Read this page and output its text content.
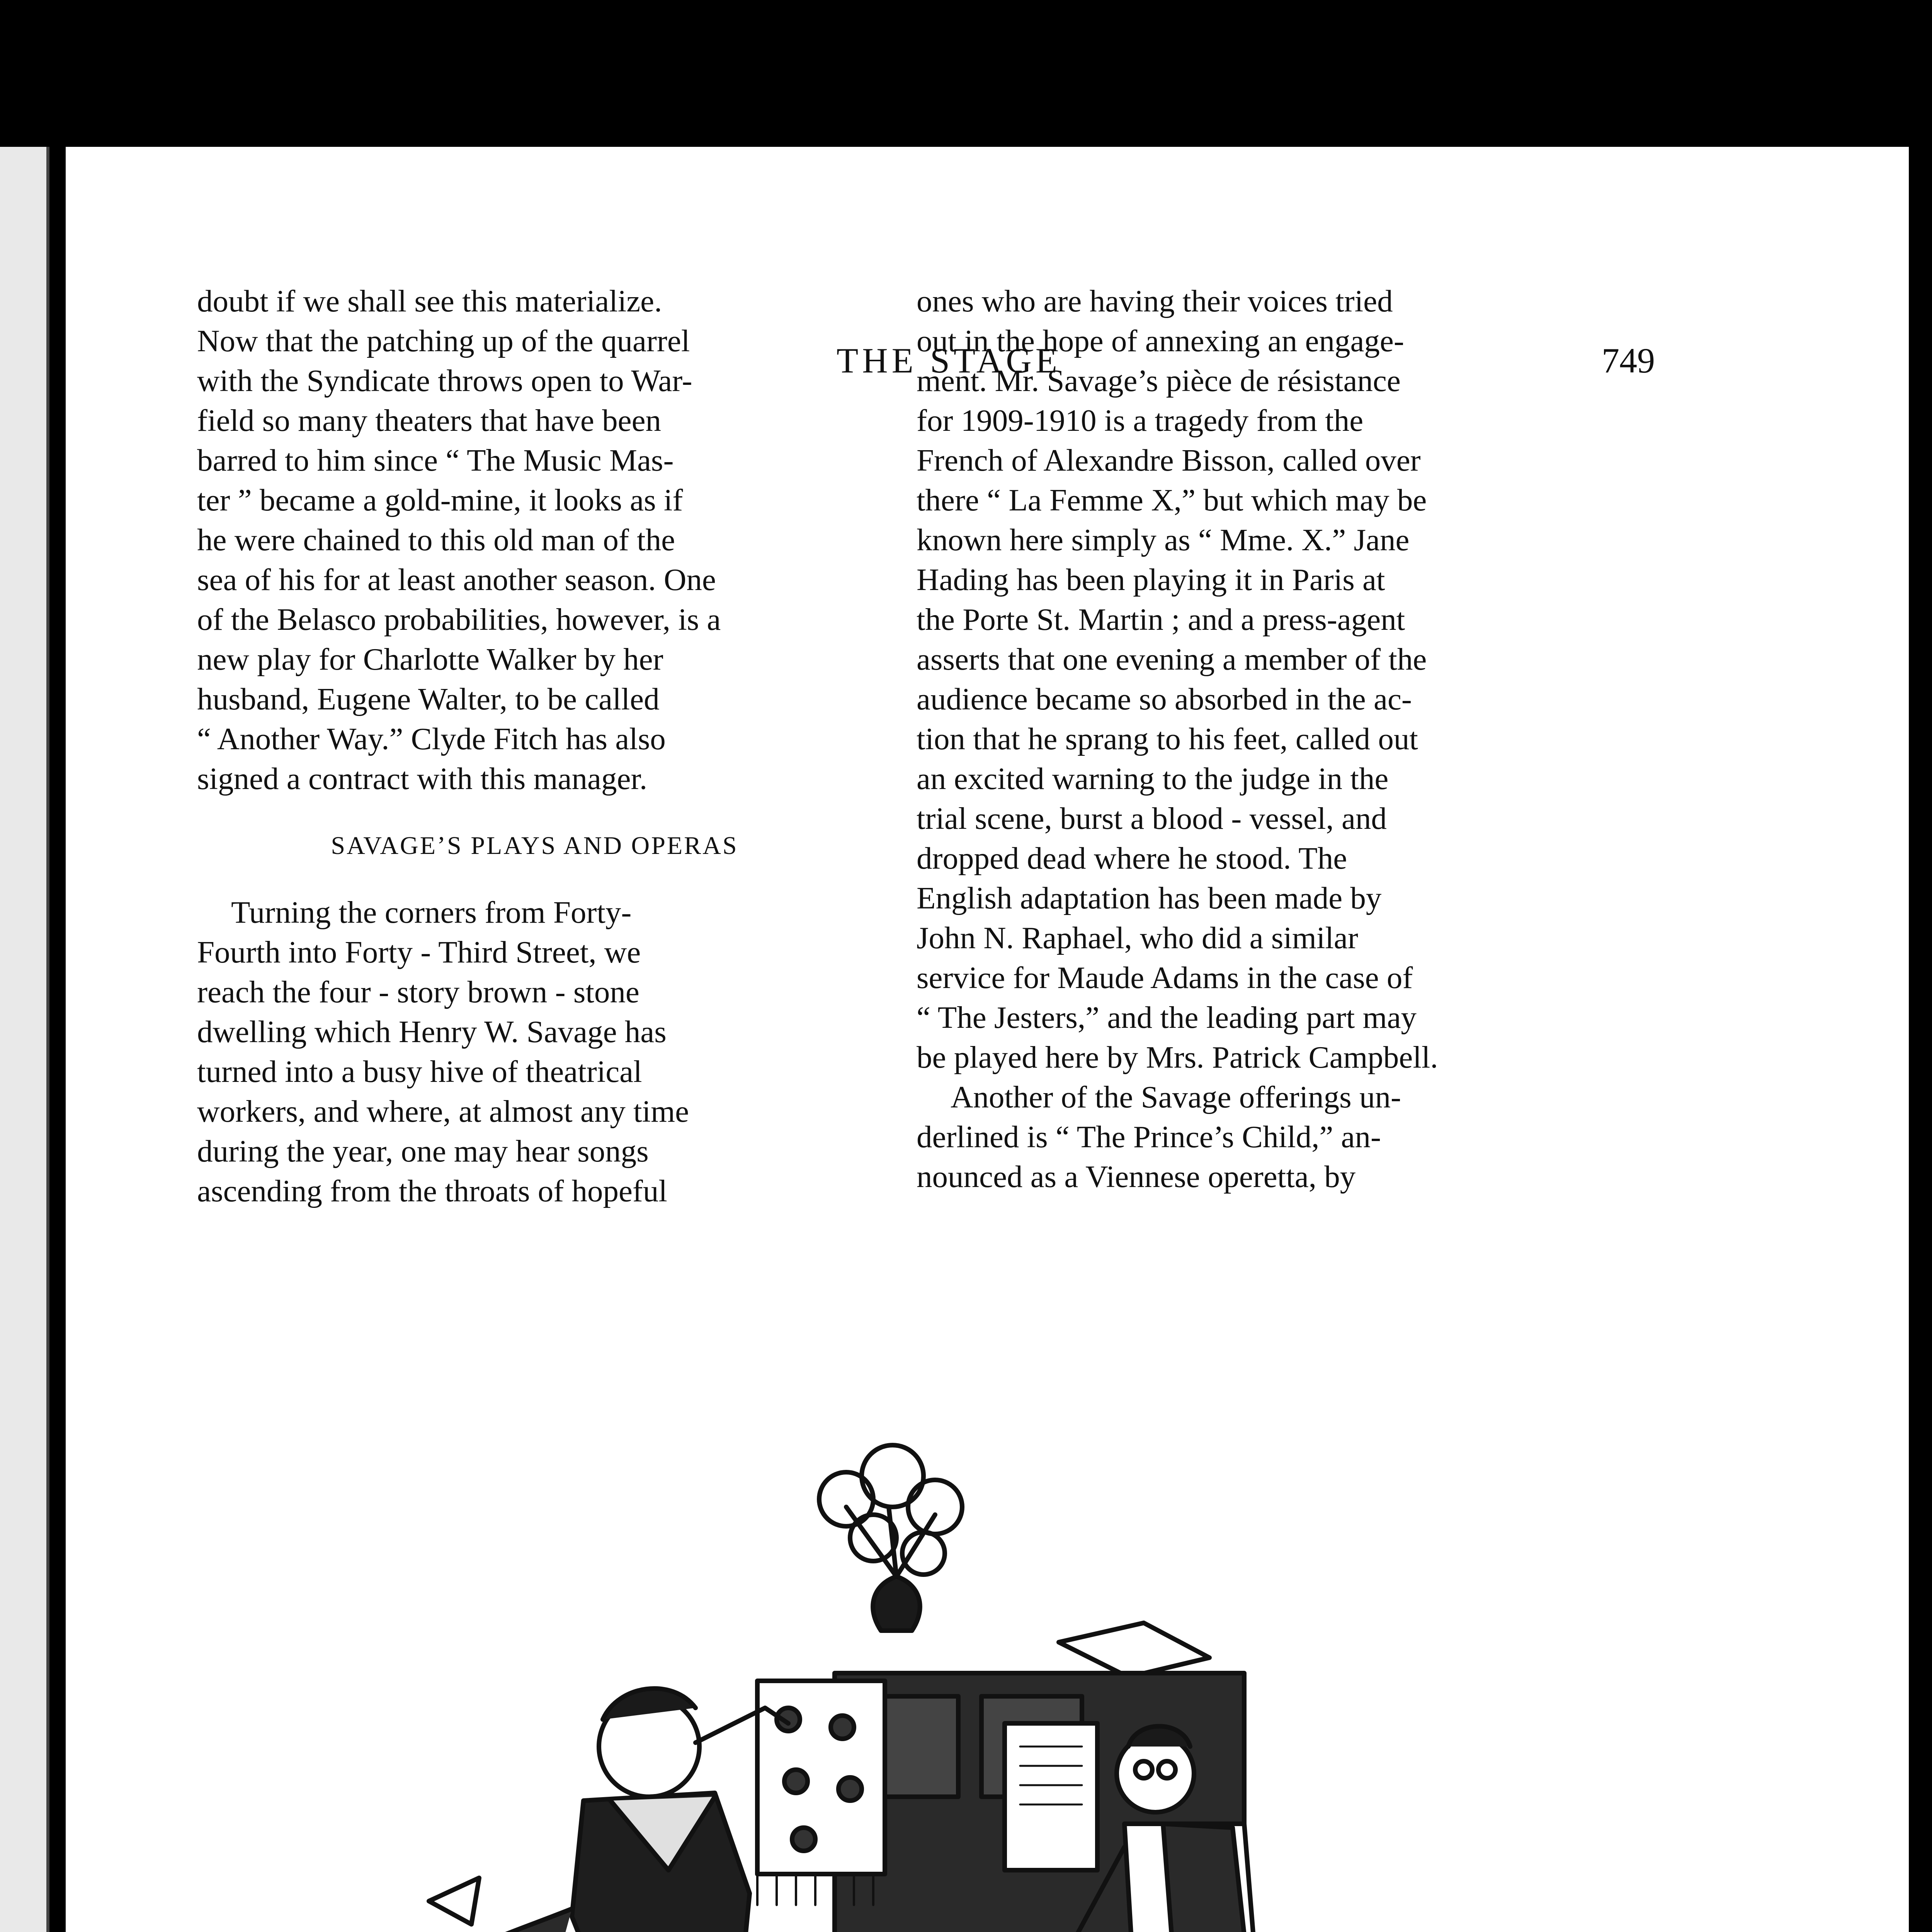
THE STAGE	749

doubt if we shall see this materialize.
Now that the patching up of the quarrel
with the Syndicate throws open to War-
field so many theaters that have been
barred to him since “ The Music Mas-
ter ” became a gold-mine, it looks as if
he were chained to this old man of the
sea of his for at least another season. One
of the Belasco probabilities, however, is a
new play for Charlotte Walker by her
husband, Eugene Walter, to be called
“ Another Way.” Clyde Fitch has also
signed a contract with this manager.

SAVAGE’S PLAYS AND OPERAS

Turning the corners from Forty-
Fourth into Forty - Third Street, we
reach the four - story brown - stone
dwelling which Henry W. Savage has
turned into a busy hive of theatrical
workers, and where, at almost any time
during the year, one may hear songs
ascending from the throats of hopeful

ones who are having their voices tried
out in the hope of annexing an engage-
ment. Mr. Savage’s pièce de résistance
for 1909-1910 is a tragedy from the
French of Alexandre Bisson, called over
there “ La Femme X,” but which may be
known here simply as “ Mme. X.” Jane
Hading has been playing it in Paris at
the Porte St. Martin ; and a press-agent
asserts that one evening a member of the
audience became so absorbed in the ac-
tion that he sprang to his feet, called out
an excited warning to the judge in the
trial scene, burst a blood - vessel, and
dropped dead where he stood. The
English adaptation has been made by
John N. Raphael, who did a similar
service for Maude Adams in the case of
“ The Jesters,” and the leading part may
be played here by Mrs. Patrick Campbell.

Another of the Savage offerings un-
derlined is “ The Prince’s Child,” an-
nounced as a Viennese operetta, by
